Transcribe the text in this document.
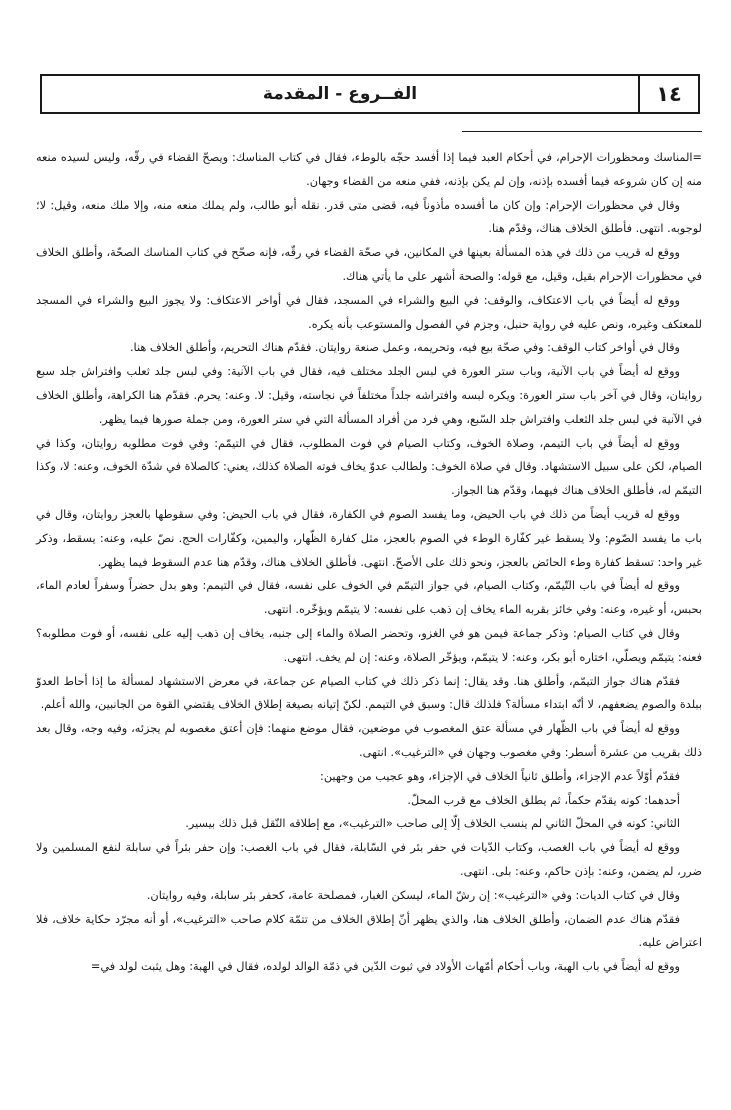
١٤
الفــروع - المقدمة

=المناسك ومحظورات الإحرام، في أحكام العبد فيما إذا أفسد حجّه بالوطء، فقال في كتاب المناسك: ويصحّ القضاء في رقّه، وليس لسيده منعه منه إن كان شروعه فيما أفسده بإذنه، وإن لم يكن بإذنه، ففي منعه من القضاء وجهان.

وقال في محظورات الإحرام: وإن كان ما أفسده مأذوناً فيه، قضى متى قدر. نقله أبو طالب، ولم يملك منعه منه، وإلا ملك منعه، وقيل: لا؛ لوجوبه. انتهى. فأطلق الخلاف هناك، وقدّم هنا.

ووقع له قريب من ذلك في هذه المسألة بعينها في المكانين، في صحّة القضاء في رقّه، فإنه صحّح في كتاب المناسك الصحّة، وأطلق الخلاف في محظورات الإحرام بقيل، وقيل، مع قوله: والصحة أشهر على ما يأتي هناك.

ووقع له أيضاً في باب الاعتكاف، والوقف: في البيع والشراء في المسجد، فقال في أواخر الاعتكاف: ولا يجوز البيع والشراء في المسجد للمعتكف وغيره، ونص عليه في رواية حنبل، وجزم في الفصول والمستوعب بأنه يكره.

وقال في أواخر كتاب الوقف: وفي صحّة بيع فيه، وتحريمه، وعمل صنعة روايتان. فقدّم هناك التحريم، وأطلق الخلاف هنا.

ووقع له أيضاً في باب الآنية، وباب ستر العورة في لبس الجلد مختلف فيه، فقال في باب الآنية: وفي لبس جلد ثعلب وافتراش جلد سبع روايتان، وقال في آخر باب ستر العورة: ويكره لبسه وافتراشه جلداً مختلفاً في نجاسته، وقيل: لا. وعنه: يحرم. فقدّم هنا الكراهة، وأطلق الخلاف في الآنية في لبس جلد الثعلب وافتراش جلد السّبع، وهي فرد من أفراد المسألة التي في ستر العورة، ومن جملة صورها فيما يظهر.

ووقع له أيضاً في باب التيمم، وصلاة الخوف، وكتاب الصيام في فوت المطلوب، فقال في التيمّم: وفي فوت مطلوبه روايتان، وكذا في الصيام، لكن على سبيل الاستشهاد. وقال في صلاة الخوف: ولطالب عدوّ يخاف فوته الصلاة كذلك، يعني: كالصلاة في شدّة الخوف، وعنه: لا، وكذا التيمّم له، فأطلق الخلاف هناك فيهما، وقدّم هنا الجواز.

ووقع له قريب أيضاً من ذلك في باب الحيض، وما يفسد الصوم في الكفارة، فقال في باب الحيض: وفي سقوطها بالعجز روايتان، وقال في باب ما يفسد الصّوم: ولا يسقط غير كفّارة الوطء في الصوم بالعجز، مثل كفارة الظّهار، واليمين، وكفّارات الحج. نصّ عليه، وعنه: يسقط، وذكر غير واحد: تسقط كفارة وطء الحائض بالعجز، ونحو ذلك على الأصحّ. انتهى. فأطلق الخلاف هناك، وقدّم هنا عدم السقوط فيما يظهر.

ووقع له أيضاً في باب التّيمّم، وكتاب الصيام، في جواز التيمّم في الخوف على نفسه، فقال في التيمم: وهو بدل حضراً وسفراً لعادم الماء، بحبس، أو غيره، وعنه: وفي خائز بقربه الماء يخاف إن ذهب على نفسه: لا يتيمّم ويؤخّره. انتهى.

وقال في كتاب الصيام: وذكر جماعة فيمن هو في الغزو، وتحضر الصلاة والماء إلى جنبه، يخاف إن ذهب إليه على نفسه، أو فوت مطلوبه؟ فعنه: يتيمّم ويصلّي، اختاره أبو بكر، وعنه: لا يتيمّم، ويؤخّر الصلاة، وعنه: إن لم يخف. انتهى.

فقدّم هناك جواز التيمّم، وأطلق هنا. وقد يقال: إنما ذكر ذلك في كتاب الصيام عن جماعة، في معرض الاستشهاد لمسألة ما إذا أحاط العدوّ ببلدة والصوم يضعفهم، لا أنّه ابتداء مسألة؟ فلذلك قال: وسبق في التيمم. لكنّ إتيانه بصيغة إطلاق الخلاف يقتضي القوة من الجانبين، والله أعلم.

ووقع له أيضاً في باب الظّهار في مسألة عتق المغصوب في موضعين، فقال موضع منهما: فإن أعتق مغصوبه لم يجزئه، وفيه وجه، وقال بعد ذلك بقريب من عشرة أسطر: وفي مغصوب وجهان في «الترغيب». انتهى.

فقدّم أوّلاً عدم الإجزاء، وأطلق ثانياً الخلاف في الإجزاء، وهو عجيب من وجهين:

أحدهما: كونه يقدّم حكماً، ثم يطلق الخلاف مع قرب المحلّ.

الثاني: كونه في المحلّ الثاني لم ينسب الخلاف إلّا إلى صاحب «الترغيب»، مع إطلاقه النّقل قبل ذلك بيسير.

ووقع له أيضاً في باب الغصب، وكتاب الدّيات في حفر بئر في السّابلة، فقال في باب الغصب: وإن حفر بئراً في سابلة لنفع المسلمين ولا ضرر، لم يضمن، وعنه: بإذن حاكم، وعنه: بلى. انتهى.

وقال في كتاب الديات: وفي «الترغيب»: إن رشّ الماء، ليسكن الغبار، فمصلحة عامة، كحفر بئر سابلة، وفيه روايتان.

فقدّم هناك عدم الضمان، وأطلق الخلاف هنا، والذي يظهر أنّ إطلاق الخلاف من تتمّة كلام صاحب «الترغيب»، أو أنه مجرّد حكاية خلاف، فلا اعتراض عليه.

ووقع له أيضاً في باب الهبة، وباب أحكام أمّهات الأولاد في ثبوت الدّين في ذمّة الوالد لولده، فقال في الهبة: وهل يثبت لولد في=
